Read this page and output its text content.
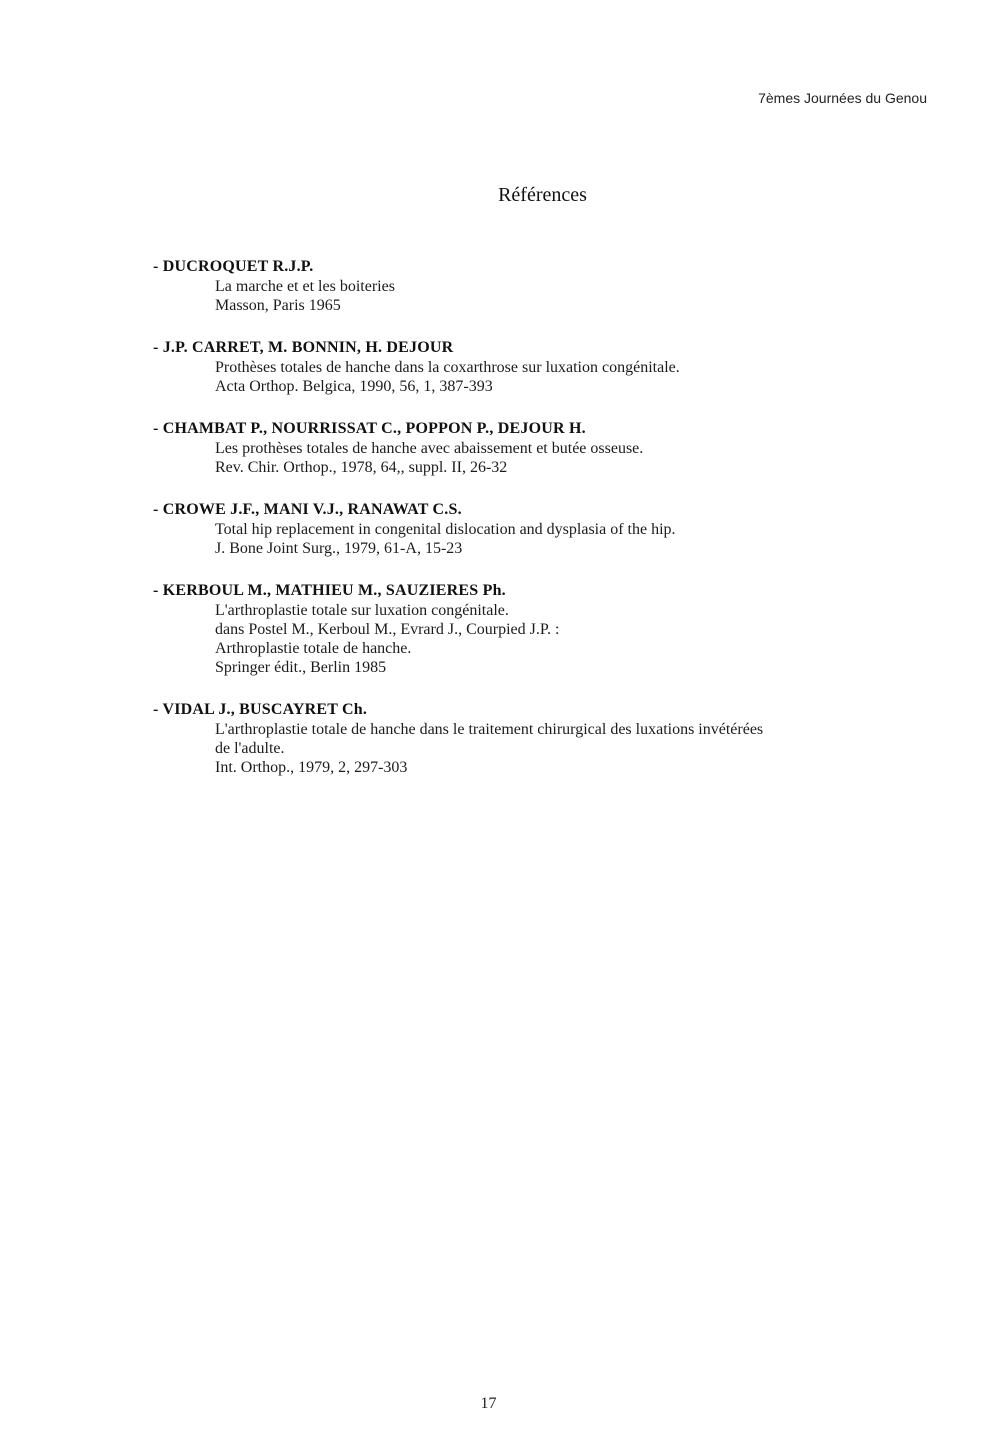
7èmes Journées du Genou
Références
- DUCROQUET R.J.P.
La marche et et les boiteries
Masson, Paris 1965
- J.P. CARRET, M. BONNIN, H. DEJOUR
Prothèses totales de hanche dans la coxarthrose sur luxation congénitale.
Acta Orthop. Belgica, 1990, 56, 1, 387-393
- CHAMBAT P., NOURRISSAT C., POPPON P., DEJOUR H.
Les prothèses totales de hanche avec abaissement et butée osseuse.
Rev. Chir. Orthop., 1978, 64,, suppl. II, 26-32
- CROWE J.F., MANI V.J., RANAWAT C.S.
Total hip replacement in congenital dislocation and dysplasia of the hip.
J. Bone Joint Surg., 1979, 61-A, 15-23
- KERBOUL M., MATHIEU M., SAUZIERES Ph.
L'arthroplastie totale sur luxation congénitale.
dans Postel M., Kerboul M., Evrard J., Courpied J.P. :
Arthroplastie totale de hanche.
Springer édit., Berlin 1985
- VIDAL J., BUSCAYRET Ch.
L'arthroplastie totale de hanche dans le traitement chirurgical des luxations invétérées
de l'adulte.
Int. Orthop., 1979, 2, 297-303
17
